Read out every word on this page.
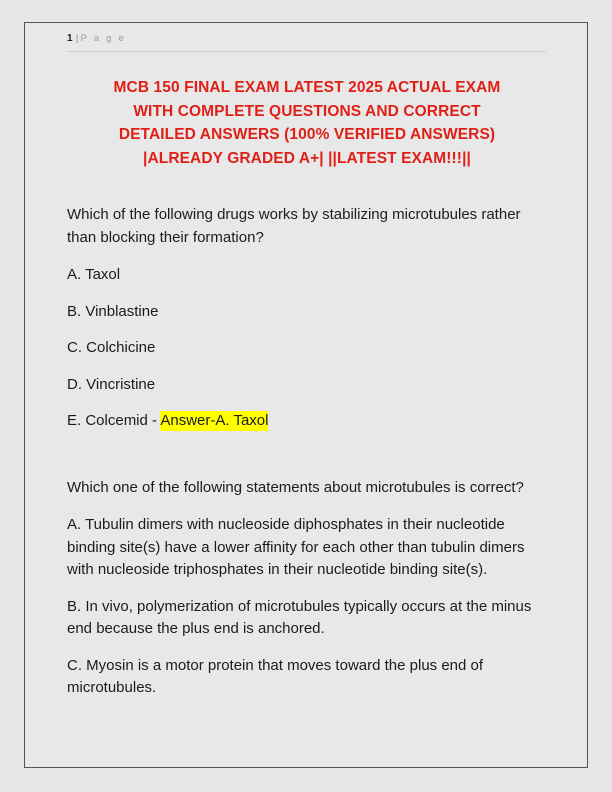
1 | P a g e
MCB 150 FINAL EXAM LATEST 2025 ACTUAL EXAM
WITH COMPLETE QUESTIONS AND CORRECT
DETAILED ANSWERS (100% VERIFIED ANSWERS)
|ALREADY GRADED A+| ||LATEST EXAM!!!||

Which of the following drugs works by stabilizing microtubules rather than blocking their formation?

A. Taxol

B. Vinblastine

C. Colchicine

D. Vincristine

E. Colcemid - Answer-A. Taxol

Which one of the following statements about microtubules is correct?

A. Tubulin dimers with nucleoside diphosphates in their nucleotide binding site(s) have a lower affinity for each other than tubulin dimers with nucleoside triphosphates in their nucleotide binding site(s).

B. In vivo, polymerization of microtubules typically occurs at the minus end because the plus end is anchored.

C. Myosin is a motor protein that moves toward the plus end of microtubules.
